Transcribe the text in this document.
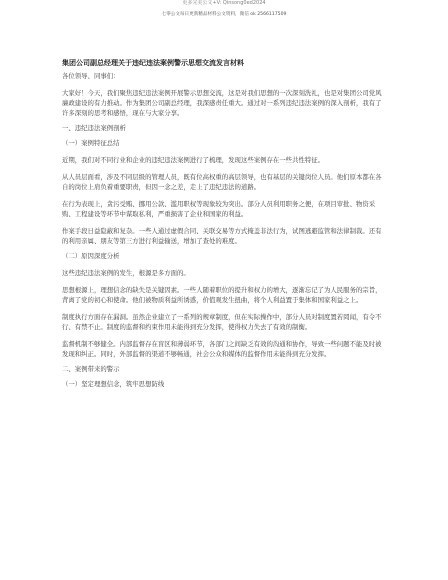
更多完美公文+V: Qinsong0ed2024
七零公文每日更新精品材料公文资料，微信 ok 2566117509

集团公司副总经理关于违纪违法案例警示思想交流发言材料

各位领导、同事们：

大家好！今天，我们聚焦违纪违法案例开展警示思想交流，这是对我们思想的一次深刻洗礼，也是对集团公司党风廉政建设的有力推动。作为集团公司副总经理，我深感责任重大。通过对一系列违纪违法案例的深入剖析，我有了许多深刻的思考和感悟，现在与大家分享。

一、违纪违法案例剖析

（一）案例特征总结

近期，我们对不同行业和企业的违纪违法案例进行了梳理，发现这些案例存在一些共性特征。

从人员层面看，涉及不同层级的管理人员，既有位高权重的高层领导，也有基层的关键岗位人员。他们原本都在各自的岗位上肩负着重要职责，但因一念之差，走上了违纪违法的道路。

在行为表现上，贪污受贿、挪用公款、滥用职权等现象较为突出。部分人员利用职务之便，在项目审批、物资采购、工程建设等环节中谋取私利，严重损害了企业和国家的利益。

作案手段日益隐蔽和复杂。一些人通过虚假合同、关联交易等方式掩盖非法行为，试图逃避监管和法律制裁。还有的利用亲属、朋友等第三方进行利益输送，增加了查处的难度。

（二）原因深度分析

这些违纪违法案例的发生，根源是多方面的。

思想根源上，理想信念的缺失是关键因素。一些人随着职位的提升和权力的增大，逐渐忘记了为人民服务的宗旨，背离了党的初心和使命。他们被物质利益所诱惑，价值观发生扭曲，将个人利益置于集体和国家利益之上。

制度执行方面存在漏洞。虽然企业建立了一系列的规章制度，但在实际操作中，部分人员对制度置若罔闻，有令不行、有禁不止。制度的监督和约束作用未能得到充分发挥，使得权力失去了有效的制衡。

监督机制不够健全。内部监督存在盲区和薄弱环节，各部门之间缺乏有效的沟通和协作，导致一些问题不能及时被发现和纠正。同时，外部监督的渠道不够畅通，社会公众和媒体的监督作用未能得到充分发挥。

二、案例带来的警示

（一）坚定理想信念，筑牢思想防线
